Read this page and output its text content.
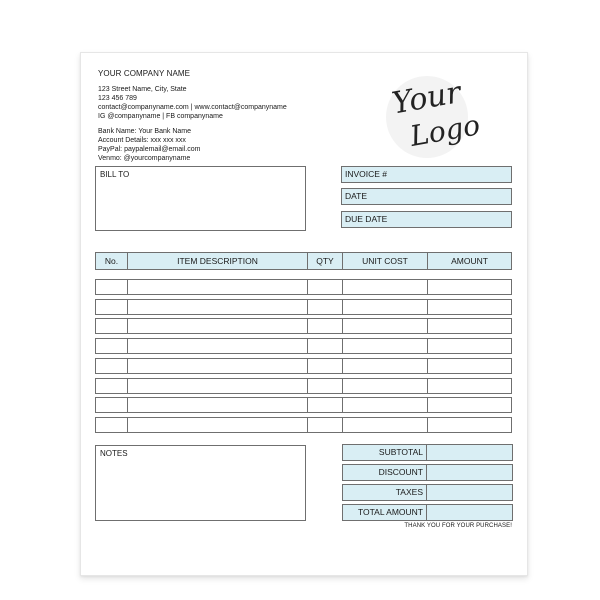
YOUR COMPANY NAME
123 Street Name, City, State
123 456 789
contact@companyname.com | www.contact@companyname
IG @companyname | FB companyname
Bank Name: Your Bank Name
Account Details: xxx xxx xxx
PayPal: paypalemail@email.com
Venmo: @yourcompanyname
Your
Logo
BILL TO	INVOICE #
DATE
DUE DATE
No.	ITEM DESCRIPTION	QTY	UNIT COST	AMOUNT
NOTES	SUBTOTAL
DISCOUNT
TAXES
TOTAL AMOUNT
THANK YOU FOR YOUR PURCHASE!
